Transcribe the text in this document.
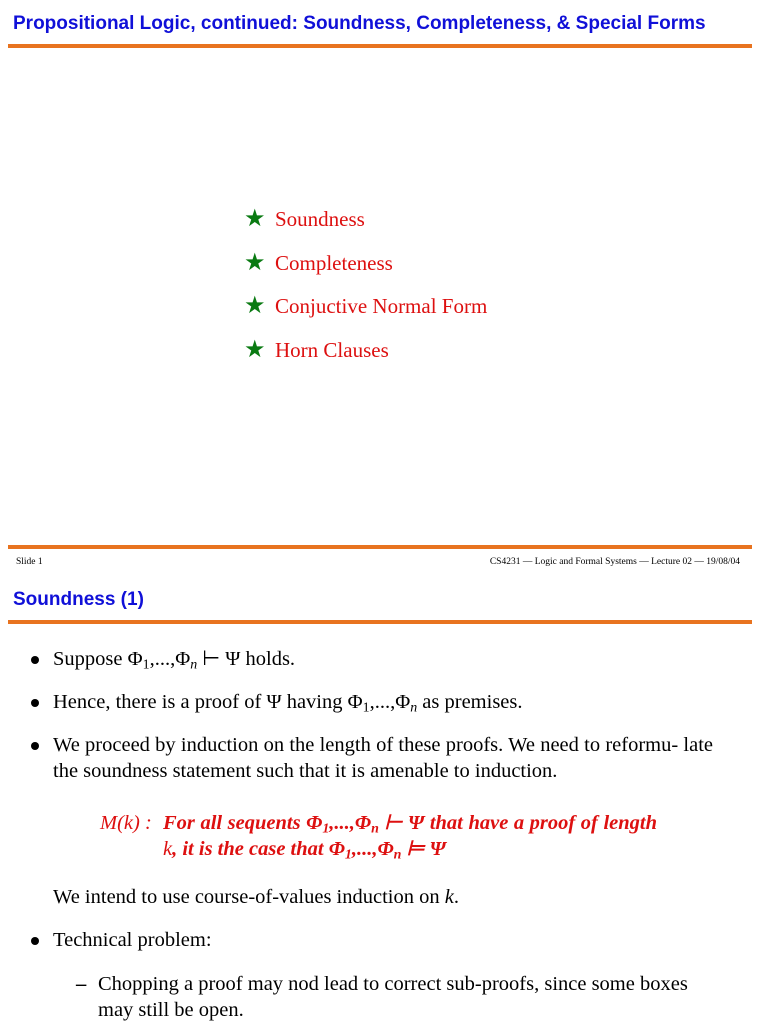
Propositional Logic, continued: Soundness, Completeness, & Special Forms
★ Soundness
★ Completeness
★ Conjuctive Normal Form
★ Horn Clauses
Slide 1	CS4231 — Logic and Formal Systems — Lecture 02 — 19/08/04
Soundness (1)
Suppose $\Phi_1,...,\Phi_n$ ⊢ Ψ holds.
Hence, there is a proof of Ψ having $\Phi_1,...,\Phi_n$ as premises.
We proceed by induction on the length of these proofs. We need to reformu- late the soundness statement such that it is amenable to induction.
M(k) : For all sequents $\Phi_1,...,\Phi_n$ ⊢ Ψ that have a proof of length k, it is the case that $\Phi_1,...,\Phi_n$ ⊨ Ψ
We intend to use course-of-values induction on k.
Technical problem:
– Chopping a proof may nod lead to correct sub-proofs, since some boxes may still be open.
